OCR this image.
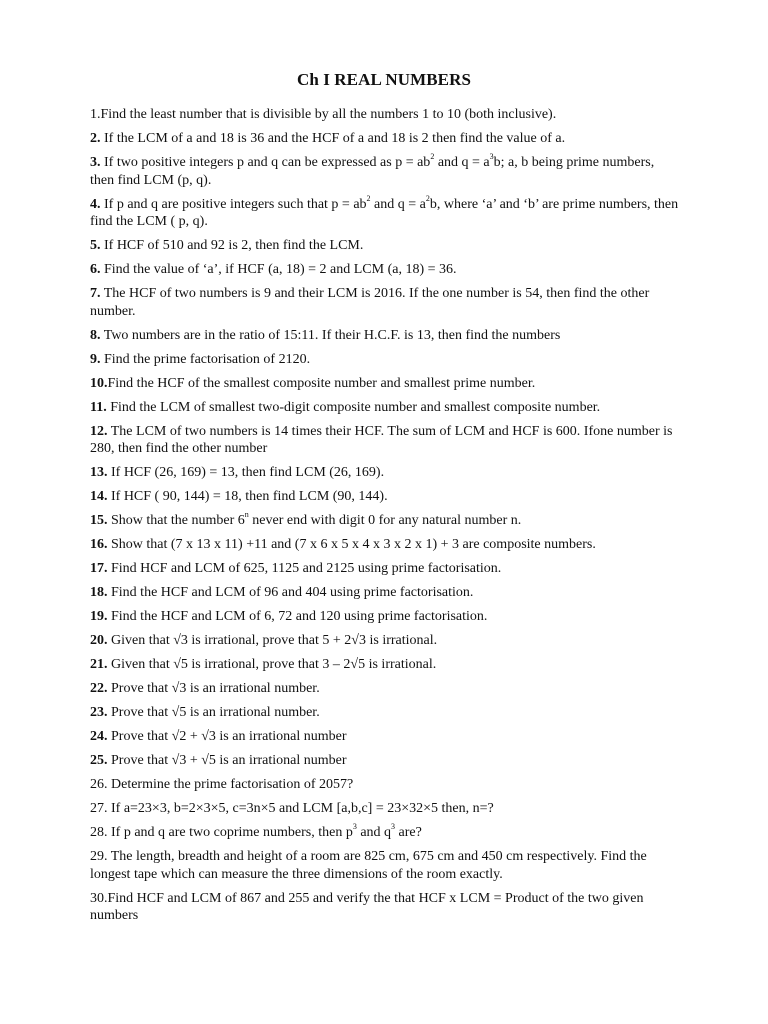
Ch I REAL NUMBERS

1.Find the least number that is divisible by all the numbers 1 to 10 (both inclusive).

2. If the LCM of a and 18 is 36 and the HCF of a and 18 is 2 then find the value of a.

3. If two positive integers p and q can be expressed as $p = ab^2$ and $q = a^3b$; a, b being prime numbers, then find LCM (p, q).

4. If p and q are positive integers such that $p = ab^2$ and $q = a^2b$, where ‘a’ and ‘b’ are prime numbers, then find the LCM ( p, q).

5. If HCF of 510 and 92 is 2, then find the LCM.

6. Find the value of ‘a’, if HCF (a, 18) = 2 and LCM (a, 18) = 36.

7. The HCF of two numbers is 9 and their LCM is 2016. If the one number is 54, then find the other number.

8. Two numbers are in the ratio of 15:11. If their H.C.F. is 13, then find the numbers

9. Find the prime factorisation of 2120.

10.Find the HCF of the smallest composite number and smallest prime number.

11. Find the LCM of smallest two-digit composite number and smallest composite number.

12. The LCM of two numbers is 14 times their HCF. The sum of LCM and HCF is 600. Ifone number is 280, then find the other number

13. If HCF (26, 169) = 13, then find LCM (26, 169).

14. If HCF ( 90, 144) = 18, then find LCM (90, 144).

15. Show that the number 6$^n$ never end with digit 0 for any natural number n.

16. Show that (7 x 13 x 11) +11 and (7 x 6 x 5 x 4 x 3 x 2 x 1) + 3 are composite numbers.

17. Find HCF and LCM of 625, 1125 and 2125 using prime factorisation.

18. Find the HCF and LCM of 96 and 404 using prime factorisation.

19. Find the HCF and LCM of 6, 72 and 120 using prime factorisation.

20. Given that √3 is irrational, prove that 5 + 2√3 is irrational.

21. Given that √5 is irrational, prove that 3 – 2√5 is irrational.

22. Prove that √3 is an irrational number.

23. Prove that √5 is an irrational number.

24. Prove that √2 + √3 is an irrational number

25. Prove that √3 + √5 is an irrational number

26. Determine the prime factorisation of 2057?

27. If a=23×3, b=2×3×5, c=3n×5 and LCM [a,b,c] = 23×32×5 then, n=?

28. If p and q are two coprime numbers, then $p^3$ and $q^3$ are?

29. The length, breadth and height of a room are 825 cm, 675 cm and 450 cm respectively. Find the longest tape which can measure the three dimensions of the room exactly.

30.Find HCF and LCM of 867 and 255 and verify the that HCF x LCM = Product of the two given numbers
